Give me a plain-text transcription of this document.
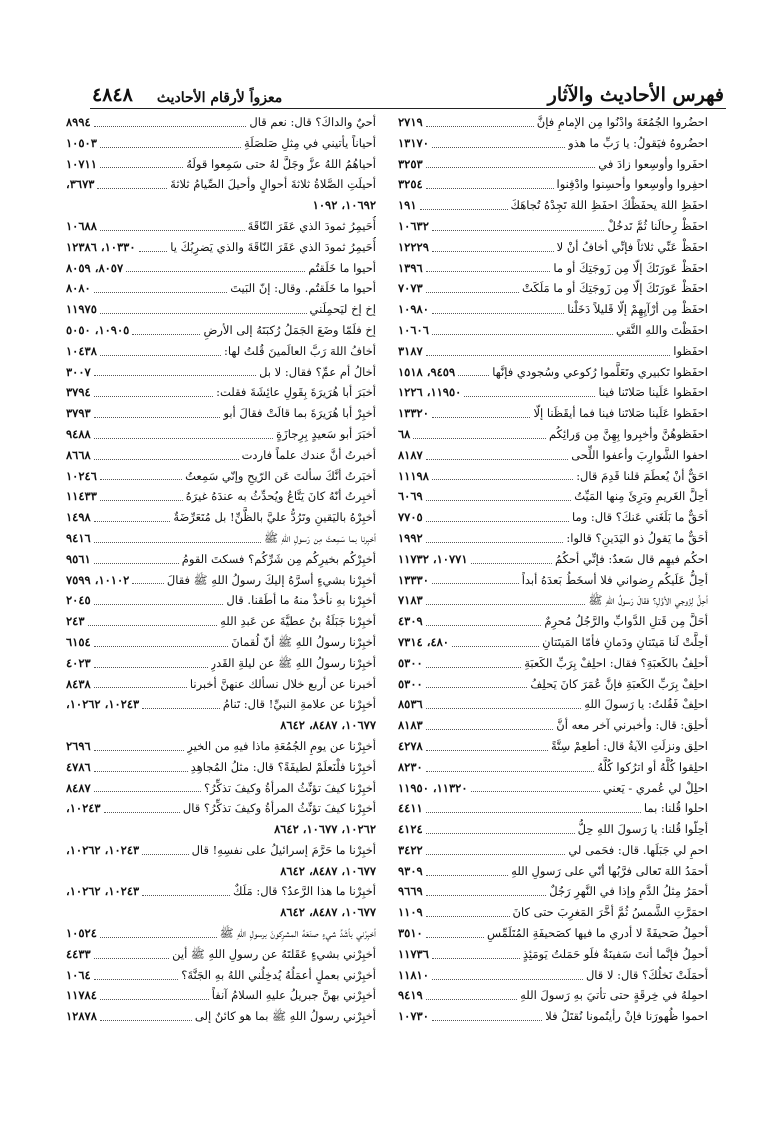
فهرس الأحاديث والآثار
معزواً لأرقام الأحاديث
٤٨٤٨
احضُروا الجُمُعَةَ وادْنُوا مِن الإمامِ فإنَّ
٢٧١٩
احضُروهُ فيَقولُ: يا رَبِّ ما هذو
١٣١٧٠
احفَروا وأوسِعوا زادَ في
٣٢٥٣
احفِروا وأوسِعوا وأحسِنوا وادْفِنوا
٣٢٥٤
احفَظِ اللهَ يحفَظْكَ احفَظِ اللهَ تَجِدْهُ تُجاهَكَ
١٩١
احفَظْ رِحالَنا ثُمَّ تَدخُلْ
١٠٦٣٢
احفَظْ عَنِّي ثلاثاً فإنِّي أخافُ أنْ لا
١٢٢٢٩
احفَظْ عَورَتَكَ إلّا مِن زَوجَتِكَ أو ما
١٣٩٦
احفَظْ عَورَتَكَ إلّا مِن زَوجَتِكَ أو ما مَلَكَتْ
٧٠٧٣
احفَظْ مِن أرْآيِهِمْ إلّا قَليلاً دَخَلْنا
١٠٩٨٠
احفَظْتَ واللهِ التَّقي
١٠٦٠٦
احفَظوا
٣١٨٧
احفَظوا تَكبيري وتَعَلَّموا رُكوعي وسُجودي فإنَّها
٩٤٥٩، ١٥١٨
احفَظوا عَلَينا صَلاتَنا فينا
١١٩٥٠، ١٢٢٦
احفَظوا عَلَينا صَلاتَنا فينا فما أيقَظَنا إلّا
١٣٣٢٠
احفَظوهُنَّ وأخبِروا بِهِنَّ مِن وَرائِكُم
٦٨
احفوا الشَّوارِبَ وأعفوا اللِّحى
٨١٨٧
احَقٌّ أنْ يُعطَمَ قلنا قَدِمَ قال:
١١١٩٨
أحِلَّ الغَريمِ وبَرِئَ مِنها المَيِّتُ
٦٠٦٩
أحَقٌّ ما بَلَغَني عَنكَ؟ قال: وما
٧٧٠٥
أحَقٌّ ما يَقولُ ذو اليَدَينِ؟ قالوا:
١٩٩٢
احكُم فيهِم قال سَعدٌ: فإنِّي أحكُمُ
١٠٧٧١، ١١٧٣٢
أحِلُّ عَلَيكُم رِضواني فلا أسخَطُ بَعدَهُ أبداً
١٣٣٣٠
أحِلَّ لِزَوجي الأوَّلِ؟ فقالَ رَسولُ اللهِ ﷺ
٧١٨٣
أحَلَّ مِن قَتلِ الدَّوابِّ والرَّجُلُ مُحرِمٌ
٤٣٠٩
أحِلَّتْ لَنا مَيتَتانِ ودَمانِ فأمّا المَيتَتانِ
٤٨٠، ٧٣١٤
أحلِفُ بالكَعبَةِ؟ فقال: احلِفْ بِرَبِّ الكَعبَةِ
٥٣٠٠
احلِفْ بِرَبِّ الكَعبَةِ فإنَّ عُمَرَ كانَ يَحلِفُ
٥٣٠٠
احلِفْ فَقُلتُ: يا رَسولَ اللهِ
٨٥٣٦
أحلِق: قال: وأخبرني آخر معه أنَّ
٨١٨٣
احلِق ونزلَتِ الآيةُ قال: أطعِمْ سِتَّةً
٤٢٧٨
احلِقوا كُلَّهُ أو اترُكوا كُلَّهُ
٨٢٣٠
احلِلْ لي عُمري - يَعني
١١٣٢٠، ١١٩٥٠
احلوا قُلنا: بما
٤٤١١
أحِلّوا قُلنا: يا رَسولَ اللهِ حِلُّ
٤١٢٤
احمِ لي جَبَلَها. قال: فحَمى لي
٣٤٢٢
أحمَدُ اللهَ تَعالى فرَّبُها أنّي على رَسولِ اللهِ
٩٣٠٩
أحمَرُ مِثلُ الدَّمِ وإذا في النَّهرِ رَجُلٌ
٩٦٦٩
احمَرَّتِ الشَّمسُ ثُمَّ أخَّرَ المَغرِبَ حتى كانَ
١١٠٩
أحمِلُ صَحيفَةً لا أدري ما فيها كصَحيفَةِ المُتَلَمِّسِ
٣٥١٠
أحمِلُ فإنَّما أنتَ سَفينَةٌ فلَو حَمَلتُ يَومَئِذٍ
١١٧٣٦
أحمَلَتْ نَخلُكَ؟ قال: لا قال
١١٨١٠
احمِلهُ في خِرقَةٍ حتى تأتيَ بهِ رَسولَ اللهِ
٩٤١٩
احموا ظُهورَنا فإنْ رأيتُمونا نُقتَلُ فلا
١٠٧٣٠
أحيٌ والداكَ؟ قال: نعم قال
٨٩٩٤
أحياناً يأتيني في مِثلِ صَلصَلَةِ
١٠٥٠٣
أحياهُمُ اللهُ عزَّ وجَلَّ لهُ حتى سَمِعوا قولَهُ
١٠٧١١
أحيلَتِ الصَّلاةُ ثلاثةَ أحوالٍ وأحيلَ الصِّيامُ ثلاثةَ
٣٦٧٣،
١٠٦٩٢، ١٠٩٢
أُحَيمِرُ ثمودَ الذي عَقَرَ النّاقَةَ
١٠٦٨٨
أُحَيمِرُ ثمودَ الذي عَقَرَ النّاقَةَ والذي يَضرِبُكَ يا
١٠٣٣٠، ١٢٣٨٦
أحيوا ما خَلَقتُم
٨٠٥٧، ٨٠٥٩
أحيوا ما خَلَقتُم. وقال: إنّ البَيتَ
٨٠٨٠
إخ إخ ليَحمِلَني
١١٩٧٥
إخ فلَمّا وضَعَ الجَمَلُ رُكبَتَهُ إلى الأرضِ
١٠٩٠٥، ٥٠٥٠
أخافُ اللهَ رَبَّ العالَمينَ قُلتُ لها:
١٠٤٣٨
أخالُ أم عمِّ؟ فقال: لا بل
٣٠٠٧
أخبَرَ أبا هُرَيرَةَ بِقَولِ عائِشَةَ فقلت:
٣٧٩٤
أخبِرْ أبا هُرَيرَةَ بما قالَتْ فقالَ أبو
٣٧٩٣
أخبَرَ أبو سَعيدٍ بِرِجازَةٍ
٩٤٨٨
أخبرتُ أنَّ عندك علماً فاردت
٨٦٦٨
أخبَرتُ أنَّكَ سألتَ عَن الرّيحِ وإنّي سَمِعتُ
١٠٢٤٦
أخبِرتُ أنّهُ كانَ يَتَّاعُ ويُحدِّثُ به عندَهُ غيرَهُ
١١٤٣٣
أخبِرْهُ باليَقينِ وتَرُدُّ عليَّ بالظَّنِّ! بل مُتَعَرِّضَةٌ
١٤٩٨
أخبِرنا بما سَمِعتَ مِن رَسولِ اللهِ ﷺ
٩٤١٦
أخبِرْكُم بخيرِكُم مِن شَرِّكُم؟ فسكتَ القومُ
٩٥٦١
أخبِرْنا بشيءٍ أسرَّهُ إليكَ رسولُ اللهِ ﷺ فقالَ
١٠١٠٢، ٧٥٩٩
أخبِرْنا بهِ نأخذْ منهُ ما أطَقنا. قال
٢٠٤٥
أخبِرْنا جَبَلَةُ بنُ عطيَّةَ عن عَبدِ اللهِ
٢٤٣
أخبِرْنا رسولُ اللهِ ﷺ أنّ لُقمانَ
٦١٥٤
أخبِرْنا رسولُ اللهِ ﷺ عن ليلةِ القَدرِ
٤٠٢٣
أخبرنا عن أربع خلال نسألك عنهنَّ أخبرنا
٨٤٣٨
أخبِرْنا عن علامةِ النبيِّ! قال: تَنامُ
١٠٢٤٣، ١٠٢٦٢،
١٠٦٧٧، ٨٤٨٧، ٨٦٤٢
أخبِرْنا عن يومِ الجُمُعَةِ ماذا فيهِ من الخيرِ
٢٦٩٦
أخبِرْنا فلْنَعلَمْ لطيفَةً؟ قال: مثلُ المُجاهِدِ
٤٧٨٦
أخبِرْنا كيفَ تؤنِّثُ المرأةُ وكيفَ تذكِّرُ؟
٨٤٨٧
أخبِرْنا كيفَ تؤنِّثُ المرأةُ وكيفَ تذكِّرُ؟ قال
١٠٢٤٣،
١٠٢٦٢، ١٠٦٧٧، ٨٦٤٢
أخبِرْنا ما حَرَّمَ إسرائيلُ على نفسِهِ! قال
١٠٢٤٣، ١٠٢٦٢،
١٠٦٧٧، ٨٤٨٧، ٨٦٤٢
أخبِرْنا ما هذا الرَّعدُ؟ قال: مَلَكٌ
١٠٢٤٣، ١٠٢٦٢،
١٠٦٧٧، ٨٤٨٧، ٨٦٤٢
أخبِرْني بأشَدِّ شيءٍ صنَعَهُ المشرِكونَ برسولِ اللهِ ﷺ
١٠٥٢٤
أخبِرْني بشيءٍ عَقَلتَهُ عن رسولِ اللهِ ﷺ أين
٤٤٣٣
أخبِرْني بعملٍ أعمَلُهُ يُدخِلُني اللهُ بهِ الجَنَّةَ؟
١٠٦٤
أخبِرْني بهنَّ جبريلُ عليهِ السلامُ آنفاً
١١٧٨٤
أخبِرْني رسولُ اللهِ ﷺ بما هو كائنٌ إلى
١٢٨٧٨
